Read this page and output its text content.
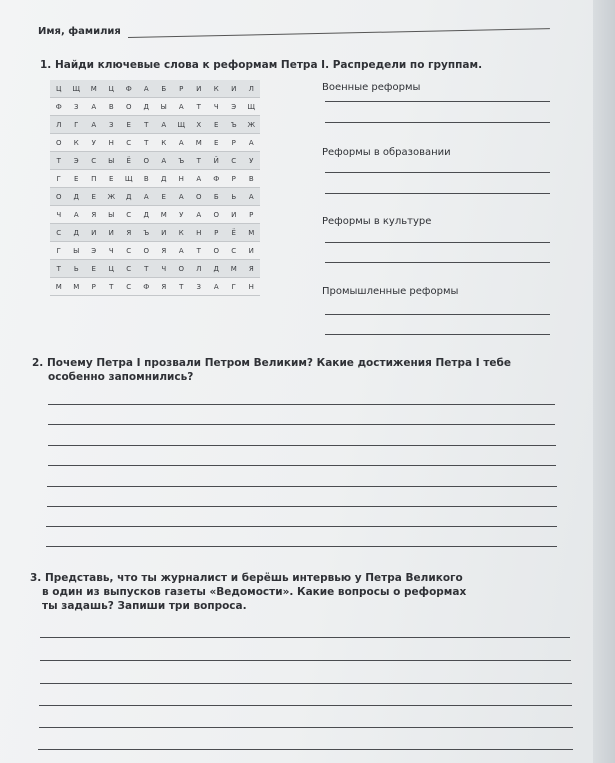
Имя, фамилия
1. Найди ключевые слова к реформам Петра I. Распредели по группам.
Ц	Щ	М	Ц	Ф	А	Б	Р	И	К	И	Л
Ф	З	А	В	О	Д	Ы	А	Т	Ч	Э	Щ
Л	Г	А	З	Е	Т	А	Щ	Х	Е	Ъ	Ж
О	К	У	Н	С	Т	К	А	М	Е	Р	А
Т	Э	С	Ы	Ё	О	А	Ъ	Т	Й	С	У
Г	Е	П	Е	Щ	В	Д	Н	А	Ф	Р	В
О	Д	Е	Ж	Д	А	Е	А	О	Б	Ь	А
Ч	А	Я	Ы	С	Д	М	У	А	О	И	Р
С	Д	И	И	Я	Ъ	И	К	Н	Р	Ё	М
Г	Ы	Э	Ч	С	О	Я	А	Т	О	С	И
Т	Ь	Е	Ц	С	Т	Ч	О	Л	Д	М	Я
М	М	Р	Т	С	Ф	Я	Т	З	А	Г	Н
Военные реформы
Реформы в образовании
Реформы в культуре
Промышленные реформы
2. Почему Петра I прозвали Петром Великим? Какие достижения Петра I тебе
особенно запомнились?
3. Представь, что ты журналист и берёшь интервью у Петра Великого
в один из выпусков газеты «Ведомости». Какие вопросы о реформах
ты задашь? Запиши три вопроса.
